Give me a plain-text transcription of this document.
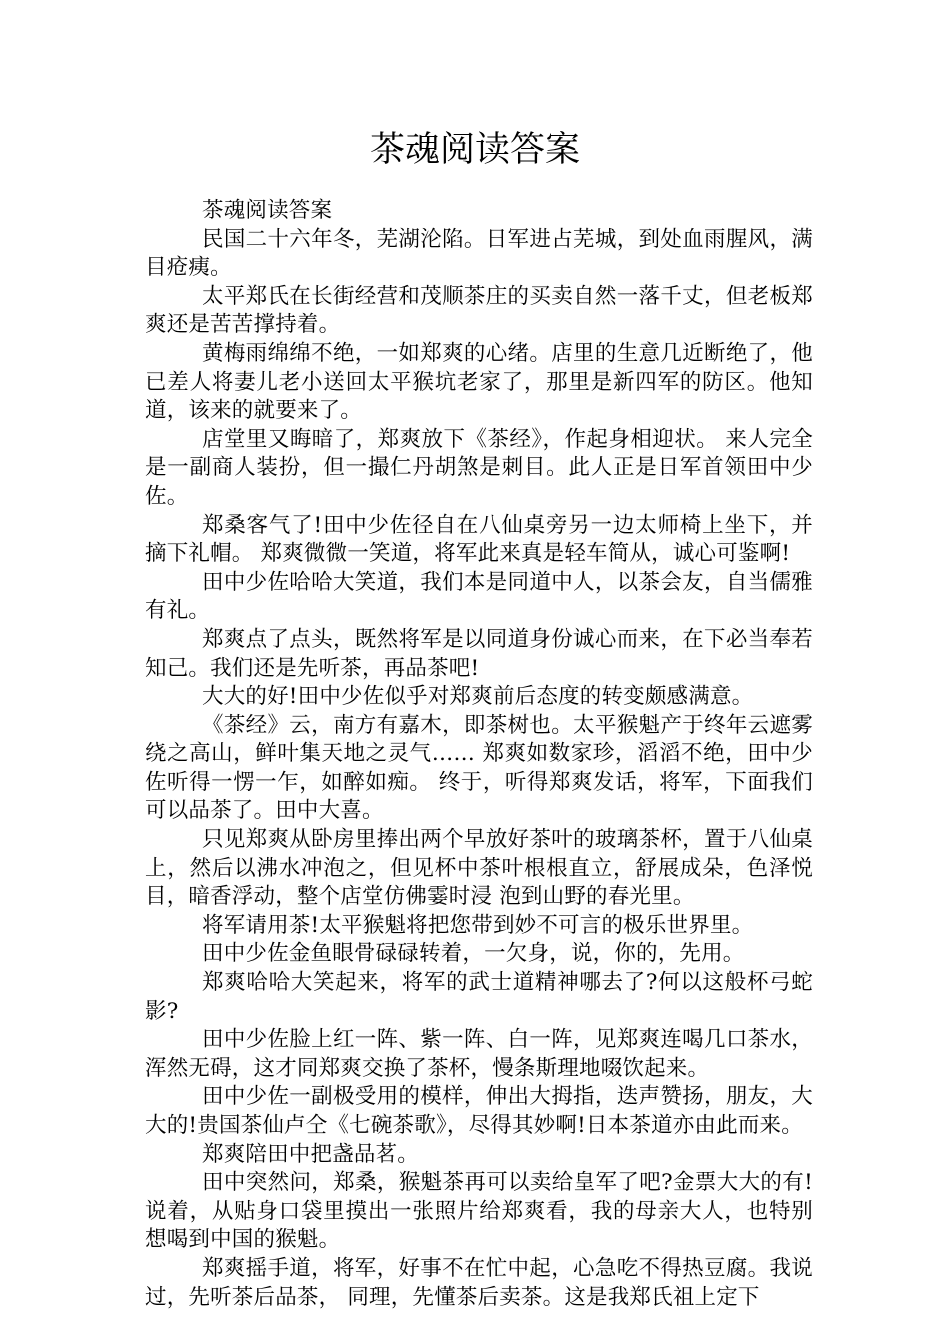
茶魂阅读答案

茶魂阅读答案

民国二十六年冬，芜湖沦陷。日军进占芜城，到处血雨腥风，满目疮痍。

太平郑氏在长街经营和茂顺茶庄的买卖自然一落千丈，但老板郑爽还是苦苦撑持着。

黄梅雨绵绵不绝，一如郑爽的心绪。店里的生意几近断绝了，他已差人将妻儿老小送回太平猴坑老家了，那里是新四军的防区。他知道，该来的就要来了。

店堂里又晦暗了，郑爽放下《茶经》，作起身相迎状。 来人完全是一副商人装扮，但一撮仁丹胡煞是刺目。此人正是日军首领田中少佐。

郑桑客气了!田中少佐径自在八仙桌旁另一边太师椅上坐下，并摘下礼帽。 郑爽微微一笑道，将军此来真是轻车简从，诚心可鉴啊!

田中少佐哈哈大笑道，我们本是同道中人，以茶会友，自当儒雅有礼。

郑爽点了点头，既然将军是以同道身份诚心而来，在下必当奉若知己。我们还是先听茶，再品茶吧!

大大的好!田中少佐似乎对郑爽前后态度的转变颇感满意。

《茶经》云，南方有嘉木，即茶树也。太平猴魁产于终年云遮雾绕之高山，鲜叶集天地之灵气…… 郑爽如数家珍，滔滔不绝，田中少佐听得一愣一乍，如醉如痴。 终于，听得郑爽发话，将军，下面我们可以品茶了。田中大喜。

只见郑爽从卧房里捧出两个早放好茶叶的玻璃茶杯，置于八仙桌上，然后以沸水冲泡之，但见杯中茶叶根根直立，舒展成朵，色泽悦目，暗香浮动，整个店堂仿佛霎时浸 泡到山野的春光里。

将军请用茶!太平猴魁将把您带到妙不可言的极乐世界里。

田中少佐金鱼眼骨碌碌转着，一欠身，说，你的，先用。

郑爽哈哈大笑起来，将军的武士道精神哪去了?何以这般杯弓蛇影?

田中少佐脸上红一阵、紫一阵、白一阵，见郑爽连喝几口茶水，浑然无碍，这才同郑爽交换了茶杯，慢条斯理地啜饮起来。

田中少佐一副极受用的模样，伸出大拇指，迭声赞扬，朋友，大大的!贵国茶仙卢仝《七碗茶歌》，尽得其妙啊!日本茶道亦由此而来。

郑爽陪田中把盏品茗。

田中突然问，郑桑，猴魁茶再可以卖给皇军了吧?金票大大的有!说着，从贴身口袋里摸出一张照片给郑爽看，我的母亲大人，也特别想喝到中国的猴魁。

郑爽摇手道，将军，好事不在忙中起，心急吃不得热豆腐。我说过，先听茶后品茶， 同理，先懂茶后卖茶。这是我郑氏祖上定下
